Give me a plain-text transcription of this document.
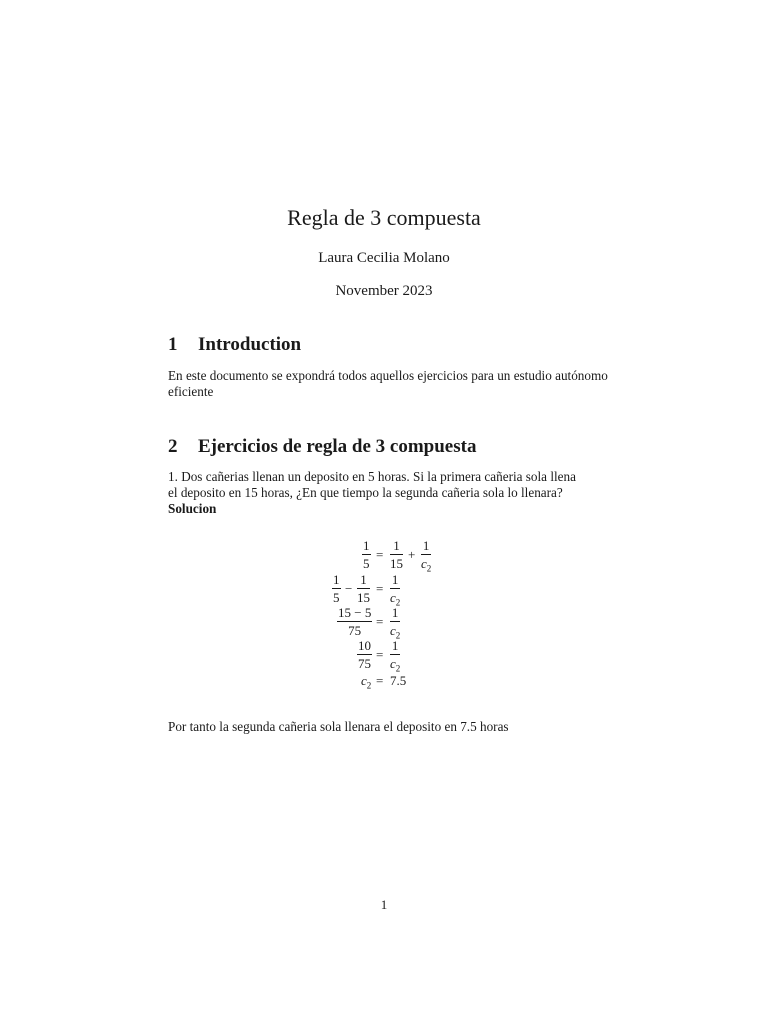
Regla de 3 compuesta
Laura Cecilia Molano
November 2023
1 Introduction
En este documento se expondrá todos aquellos ejercicios para un estudio autónomo eficiente
2 Ejercicios de regla de 3 compuesta
1. Dos cañerias llenan un deposito en 5 horas. Si la primera cañeria sola llena
el deposito en 15 horas, ¿En que tiempo la segunda cañeria sola lo llenara?
Solucion
$\frac{1}{5} = \frac{1}{15} + \frac{1}{c_2}$
$\frac{1}{5} - \frac{1}{15} = \frac{1}{c_2}$
$\frac{15 - 5}{75} = \frac{1}{c_2}$
$\frac{10}{75} = \frac{1}{c_2}$
$c_2 = 7.5$
Por tanto la segunda cañeria sola llenara el deposito en 7.5 horas
1
